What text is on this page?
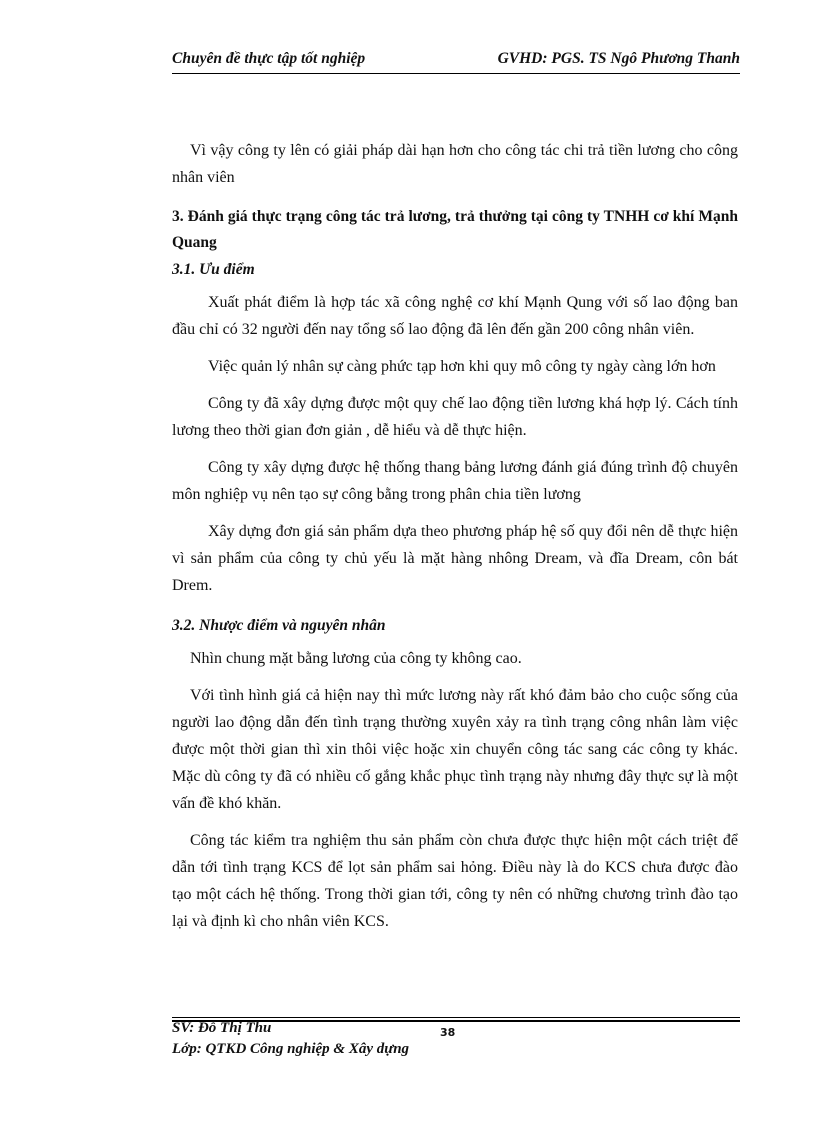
Chuyên đề thực tập tốt nghiệp	GVHD: PGS. TS Ngô Phương Thanh

Vì vậy công ty lên có giải pháp dài hạn hơn cho công tác chi trả tiền lương cho công nhân viên

3. Đánh giá thực trạng công tác trả lương, trả thưởng tại công ty TNHH cơ khí Mạnh Quang

3.1. Ưu điểm

Xuất phát điểm là hợp tác xã công nghệ cơ khí Mạnh Qung với số lao động ban đầu chỉ có 32 người đến nay tổng số lao động đã lên đến gần 200 công nhân viên.

Việc quản lý nhân sự càng phức tạp hơn khi quy mô công ty ngày càng lớn hơn

Công ty đã xây dựng được một quy chế lao động tiền lương khá hợp lý. Cách tính lương theo thời gian đơn giản , dễ hiểu và dễ thực hiện.

Công ty xây dựng được hệ thống thang bảng lương đánh giá đúng trình độ chuyên môn nghiệp vụ nên tạo sự công bằng trong phân chia tiền lương

Xây dựng đơn giá sản phẩm dựa theo phương pháp hệ số quy đổi nên dễ thực hiện vì sản phẩm của công ty chủ yếu là mặt hàng nhông Dream, và đĩa Dream, côn bát Drem.

3.2. Nhược điểm và nguyên nhân

Nhìn chung mặt bằng lương của công ty không cao.

Với tình hình giá cả hiện nay thì mức lương này rất khó đảm bảo cho cuộc sống của người lao động dẫn đến tình trạng thường xuyên xảy ra tình trạng công nhân làm việc được một thời gian thì xin thôi việc hoặc xin chuyển công tác sang các công ty khác. Mặc dù công ty đã có nhiều cố gắng khắc phục tình trạng này nhưng đây thực sự là một vấn đề khó khăn.

Công tác kiểm tra nghiệm thu sản phẩm còn chưa được thực hiện một cách triệt để dẫn tới tình trạng KCS để lọt sản phẩm sai hỏng. Điều này là do KCS chưa được đào tạo một cách hệ thống. Trong thời gian tới, công ty nên có những chương trình đào tạo lại và định kì cho nhân viên KCS.

SV: Đỗ Thị Thu	38
Lớp: QTKD Công nghiệp & Xây dựng
